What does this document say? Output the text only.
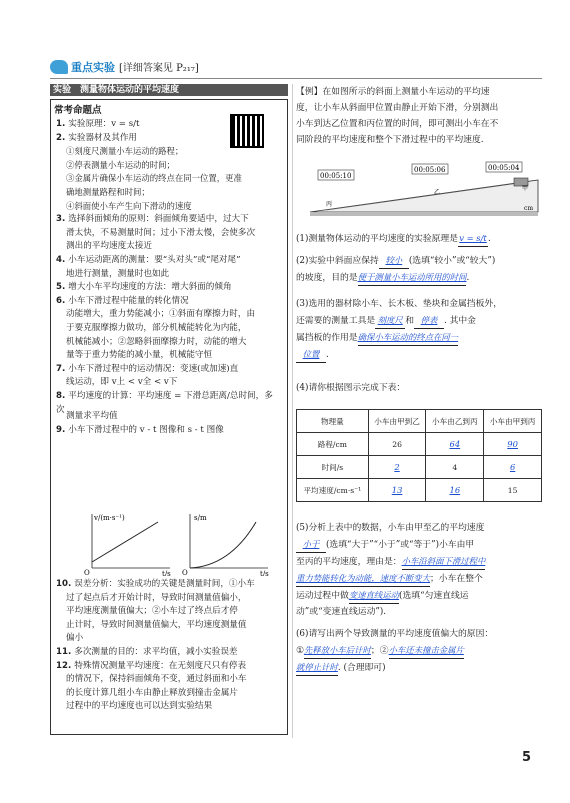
重点实验 [详细答案见 P₂₁₇]
实验　测量物体运动的平均速度
常考命题点
1. 实验原理：v = s/t
2. 实验器材及其作用
①刻度尺测量小车运动的路程；
②停表测量小车运动的时间；
③金属片确保小车运动的终点在同一位置，更准
确地测量路程和时间；
④斜面使小车产生向下滑动的速度
3. 选择斜面倾角的原则：斜面倾角要适中，过大下
滑太快，不易测量时间；过小下滑太慢，会使多次
测出的平均速度太接近
4. 小车运动距离的测量：要“头对头”或“尾对尾”
地进行测量，测量时也如此
5. 增大小车平均速度的方法：增大斜面的倾角
6. 小车下滑过程中能量的转化情况
动能增大，重力势能减小；①斜面有摩擦力时，由
于要克服摩擦力做功，部分机械能转化为内能，
机械能减小；②忽略斜面摩擦力时，动能的增大
量等于重力势能的减小量，机械能守恒
7. 小车下滑过程中的运动情况：变速(或加速)直
线运动，即 v上 < v全 < v下
8. 平均速度的计算：平均速度 = 下滑总距离/总时间，多次
测量求平均值
9. 小车下滑过程中的 v - t 图像和 s - t 图像
10. 误差分析：实验成功的关键是测量时间，①小车
过了起点后才开始计时，导致时间测量值偏小，
平均速度测量值偏大；②小车过了终点后才停
止计时，导致时间测量值偏大，平均速度测量值
偏小
11. 多次测量的目的：求平均值，减小实验误差
12. 特殊情况测量平均速度：在无刻度尺只有停表
的情况下，保持斜面倾角不变，通过斜面和小车
的长度计算几组小车由静止释放到撞击金属片
过程中的平均速度也可以达到实验结果
v/(m·s⁻¹)
t/s
O
s/m
t/s
O
【例】在如图所示的斜面上测量小车运动的平均速
度，让小车从斜面甲位置由静止开始下滑，分别测出
小车到达乙位置和丙位置的时间，即可测出小车在不
同阶段的平均速度和整个下滑过程中的平均速度.
00:05:10
00:05:06	00:05:04
丙
乙
甲
cm
(1)测量物体运动的平均速度的实验原理是v = s/t.
(2)实验中斜面应保持 较小 (选填“较小”或“较大”)
的坡度，目的是便于测量小车运动所用的时间.
(3)选用的器材除小车、长木板、垫块和金属挡板外，
还需要的测量工具是 刻度尺 和 停表 . 其中金
属挡板的作用是确保小车运动的终点在同一
位置 .
(4)请你根据图示完成下表：
物理量	小车由甲到乙	小车由乙到丙	小车由甲到丙
路程/cm	26	64	90
时间/s	2	4	6
平均速度/cm·s⁻¹	13	16	15
(5)分析上表中的数据，小车由甲至乙的平均速度
小于 (选填“大于”“小于”或“等于”)小车由甲
至丙的平均速度，理由是：小车沿斜面下滑过程中
重力势能转化为动能，速度不断变大；小车在整个
运动过程中做变速直线运动(选填“匀速直线运
动”或“变速直线运动”).
(6)请写出两个导致测量的平均速度值偏大的原因：
①先释放小车后计时；②小车还未撞击金属片
就停止计时. (合理即可)
5
